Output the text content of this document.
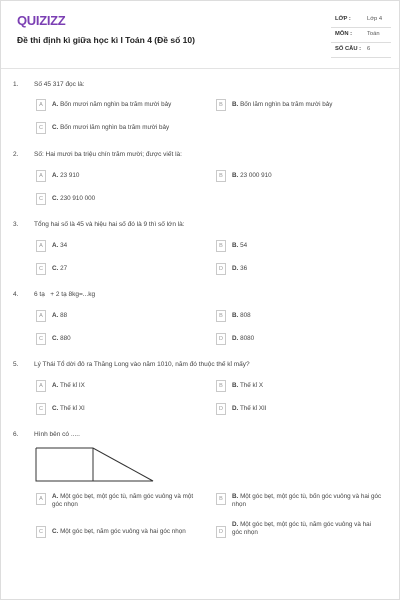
QUIZIZZ
Đề thi định kì giữa học kì I Toán 4 (Đề số 10)
LỚP :	Lớp 4
MÔN :	Toán
SỐ CÂU : 6
1. Số 45 317 đọc là:
A	A. Bốn mươi năm nghìn ba trăm mười bảy	B	B. Bốn lăm nghìn ba trăm mười bảy
C	C. Bốn mươi lăm nghìn ba trăm mười bảy
2. Số: Hai mươi ba triệu chín trăm mười; được viết là:
A	A. 23 910	B	B. 23 000 910
C	C. 230 910 000
3. Tổng hai số là 45 và hiệu hai số đó là 9 thì số lớn là:
A	A. 34	B	B. 54
C	C. 27	D	D. 36
4. 6 tạ   + 2 tạ 8kg=...kg
A	A. 88	B	B. 808
C	C. 880	D	D. 8080
5. Lý Thái Tổ dời đô ra Thăng Long vào năm 1010, năm đó thuộc thế kỉ mấy?
A	A. Thế kỉ IX	B	B. Thế kỉ X
C	C. Thế kỉ XI	D	D. Thế kỉ XII
6. Hình bên có .....
A	A. Một góc bẹt, một góc tù, năm góc vuông và một góc nhọn
B	B. Một góc bẹt, một góc tù, bốn góc vuông và hai góc nhọn
C	C. Một góc bẹt, năm góc vuông và hai góc nhọn	D
D. Một góc bẹt, một góc tù, năm góc vuông và hai góc nhọn
